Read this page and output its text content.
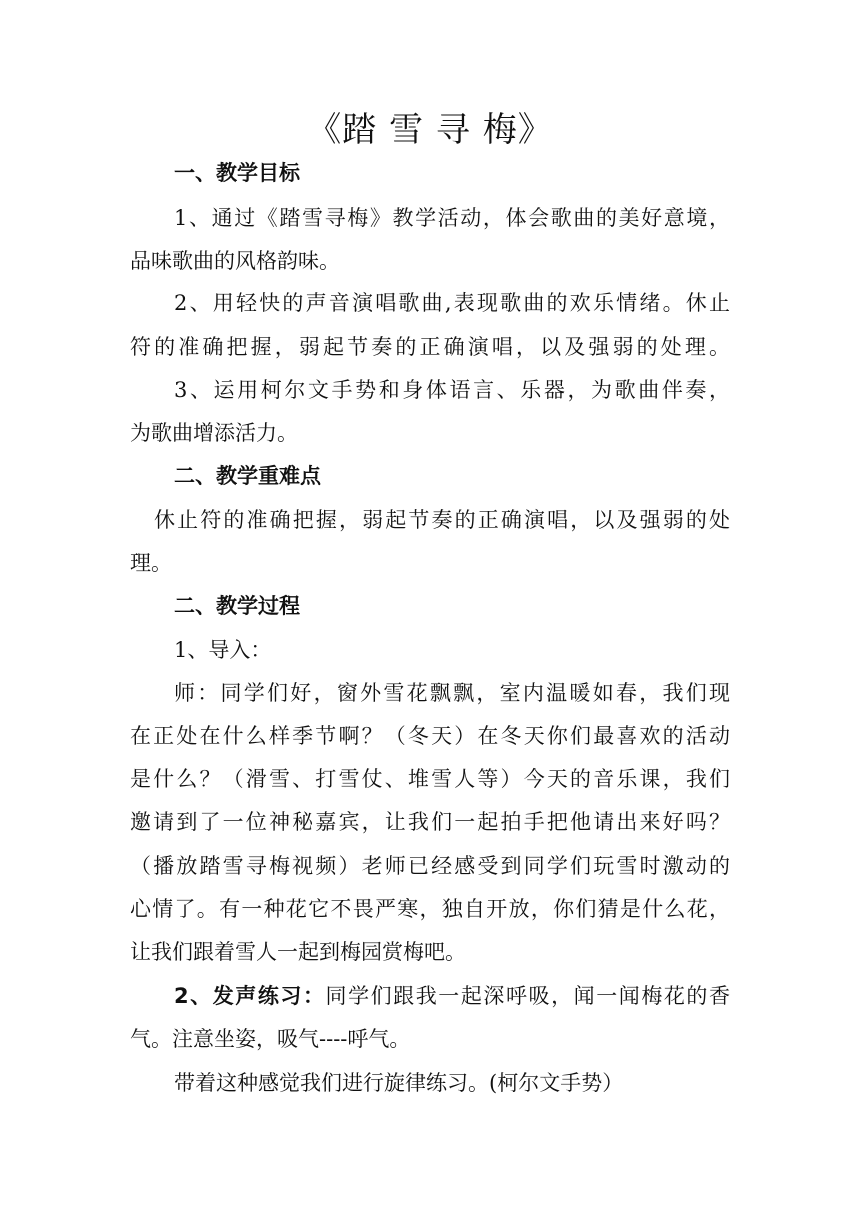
《踏 雪 寻 梅》
一、教学目标
1、通过《踏雪寻梅》教学活动，体会歌曲的美好意境，
品味歌曲的风格韵味。
2、用轻快的声音演唱歌曲,表现歌曲的欢乐情绪。休止
符的准确把握，弱起节奏的正确演唱，以及强弱的处理。
3、运用柯尔文手势和身体语言、乐器，为歌曲伴奏，
为歌曲增添活力。
二、教学重难点
休止符的准确把握，弱起节奏的正确演唱，以及强弱的处
理。
二、教学过程
1、导入：
师：同学们好，窗外雪花飘飘，室内温暖如春，我们现
在正处在什么样季节啊？（冬天）在冬天你们最喜欢的活动
是什么？（滑雪、打雪仗、堆雪人等）今天的音乐课，我们
邀请到了一位神秘嘉宾，让我们一起拍手把他请出来好吗？
（播放踏雪寻梅视频）老师已经感受到同学们玩雪时激动的
心情了。有一种花它不畏严寒，独自开放，你们猜是什么花，
让我们跟着雪人一起到梅园赏梅吧。
2、发声练习：同学们跟我一起深呼吸，闻一闻梅花的香
气。注意坐姿，吸气----呼气。
带着这种感觉我们进行旋律练习。(柯尔文手势）
